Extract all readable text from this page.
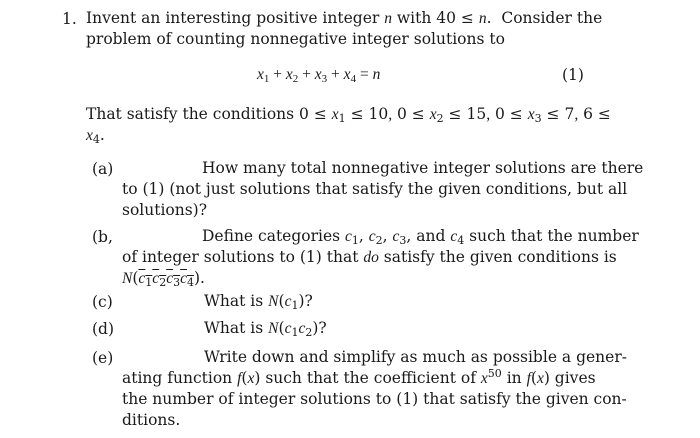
1. Invent an interesting positive integer n with 40 ≤ n.  Consider the
problem of counting nonnegative integer solutions to
$x_1 + x_2 + x_3 + x_4 = n$	(1)
That satisfy the conditions $0 \le x_1 \le 10$, $0 \le x_2 \le 15$, $0 \le x_3 \le 7$, 6 ≤
$x_4$.
(a)	How many total nonnegative integer solutions are there
to (1) (not just solutions that satisfy the given conditions, but all
solutions)?
(b,	Define categories $c_1$, $c_2$, $c_3$, and $c_4$ such that the number
of integer solutions to (1) that do satisfy the given conditions is
$N(c_1c_2c_3c_4)$.
(c)	What is $N(c_1)$?
(d)	What is $N(c_1c_2)$?
(e)	Write down and simplify as much as possible a gener-
ating function f(x) such that the coefficient of $x^{50}$ in f(x) gives
the number of integer solutions to (1) that satisfy the given con-
ditions.
